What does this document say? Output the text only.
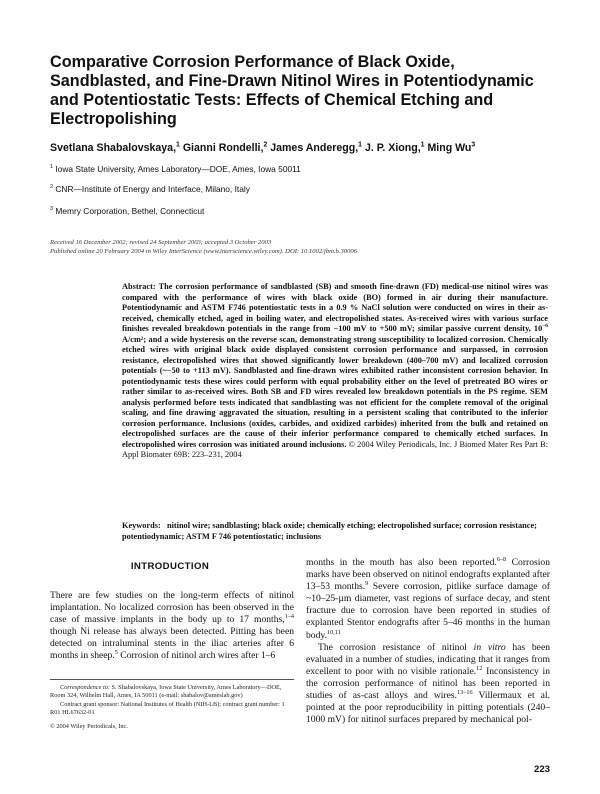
Comparative Corrosion Performance of Black Oxide, Sandblasted, and Fine-Drawn Nitinol Wires in Potentiodynamic and Potentiostatic Tests: Effects of Chemical Etching and Electropolishing
Svetlana Shabalovskaya,$^1$ Gianni Rondelli,$^2$ James Anderegg,$^1$ J. P. Xiong,$^1$ Ming Wu$^3$
$^1$ Iowa State University, Ames Laboratory—DOE, Ames, Iowa 50011
$^2$ CNR—Institute of Energy and Interface, Milano, Italy
$^3$ Memry Corporation, Bethel, Connecticut
Received 16 December 2002; revised 24 September 2003; accepted 3 October 2003
Published online 20 February 2004 in Wiley InterScience (www.interscience.wiley.com). DOI: 10.1002/jbm.b.30006
Abstract: The corrosion performance of sandblasted (SB) and smooth fine-drawn (FD) medical-use nitinol wires was compared with the performance of wires with black oxide (BO) formed in air during their manufacture. Potentiodynamic and ASTM F746 potentiostatic tests in a 0.9 % NaCl solution were conducted on wires in their as-received, chemically etched, aged in boiling water, and electropolished states. As-received wires with various surface finishes revealed breakdown potentials in the range from −100 mV to +500 mV; similar passive current density, $10^{-6}$ A/cm²; and a wide hysteresis on the reverse scan, demonstrating strong susceptibility to localized corrosion. Chemically etched wires with original black oxide displayed consistent corrosion performance and surpassed, in corrosion resistance, electropolished wires that showed significantly lower breakdown (400–700 mV) and localized corrosion potentials (~−50 to +113 mV). Sandblasted and fine-drawn wires exhibited rather inconsistent corrosion behavior. In potentiodynamic tests these wires could perform with equal probability either on the level of pretreated BO wires or rather similar to as-received wires. Both SB and FD wires revealed low breakdown potentials in the PS regime. SEM analysis performed before tests indicated that sandblasting was not efficient for the complete removal of the original scaling, and fine drawing aggravated the situation, resulting in a persistent scaling that contributed to the inferior corrosion performance. Inclusions (oxides, carbides, and oxidized carbides) inherited from the bulk and retained on electropolished surfaces are the cause of their inferior performance compared to chemically etched surfaces. In electropolished wires corrosion was initiated around inclusions. © 2004 Wiley Periodicals, Inc. J Biomed Mater Res Part B: Appl Biomater 69B: 223–231, 2004
Keywords: nitinol wire; sandblasting; black oxide; chemically etching; electropolished surface; corrosion resistance; potentiodynamic; ASTM F 746 potentiostatic; inclusions
INTRODUCTION
There are few studies on the long-term effects of nitinol implantation. No localized corrosion has been observed in the case of massive implants in the body up to 17 months,$^{1-4}$ though Ni release has always been detected. Pitting has been detected on intraluminal stents in the iliac arteries after 6 months in sheep.$^5$ Corrosion of nitinol arch wires after 1–6
Correspondence to: S. Shabalovskaya, Iowa State University, Ames Laboratory—DOE, Room 324, Wilhelm Hall, Ames, IA 50011 (e-mail: shabalov@ameslab.gov)
Contract grant sponsor: National Institutes of Health (NIH-LB); contract grant number: 1 R01 HL67632-01
© 2004 Wiley Periodicals, Inc.
months in the mouth has also been reported.$^{6-8}$ Corrosion marks have been observed on nitinol endografts explanted after 13–53 months.$^9$ Severe corrosion, pitlike surface damage of ~10–25-µm diameter, vast regions of surface decay, and stent fracture due to corrosion have been reported in studies of explanted Stentor endografts after 5–46 months in the human body.$^{10,11}$
The corrosion resistance of nitinol in vitro has been evaluated in a number of studies, indicating that it ranges from excellent to poor with no visible rationale.$^{12}$ Inconsistency in the corrosion performance of nitinol has been reported in studies of as-cast alloys and wires.$^{13-16}$ Villermaux et al. pointed at the poor reproducibility in pitting potentials (240–1000 mV) for nitinol surfaces prepared by mechanical pol-
223
